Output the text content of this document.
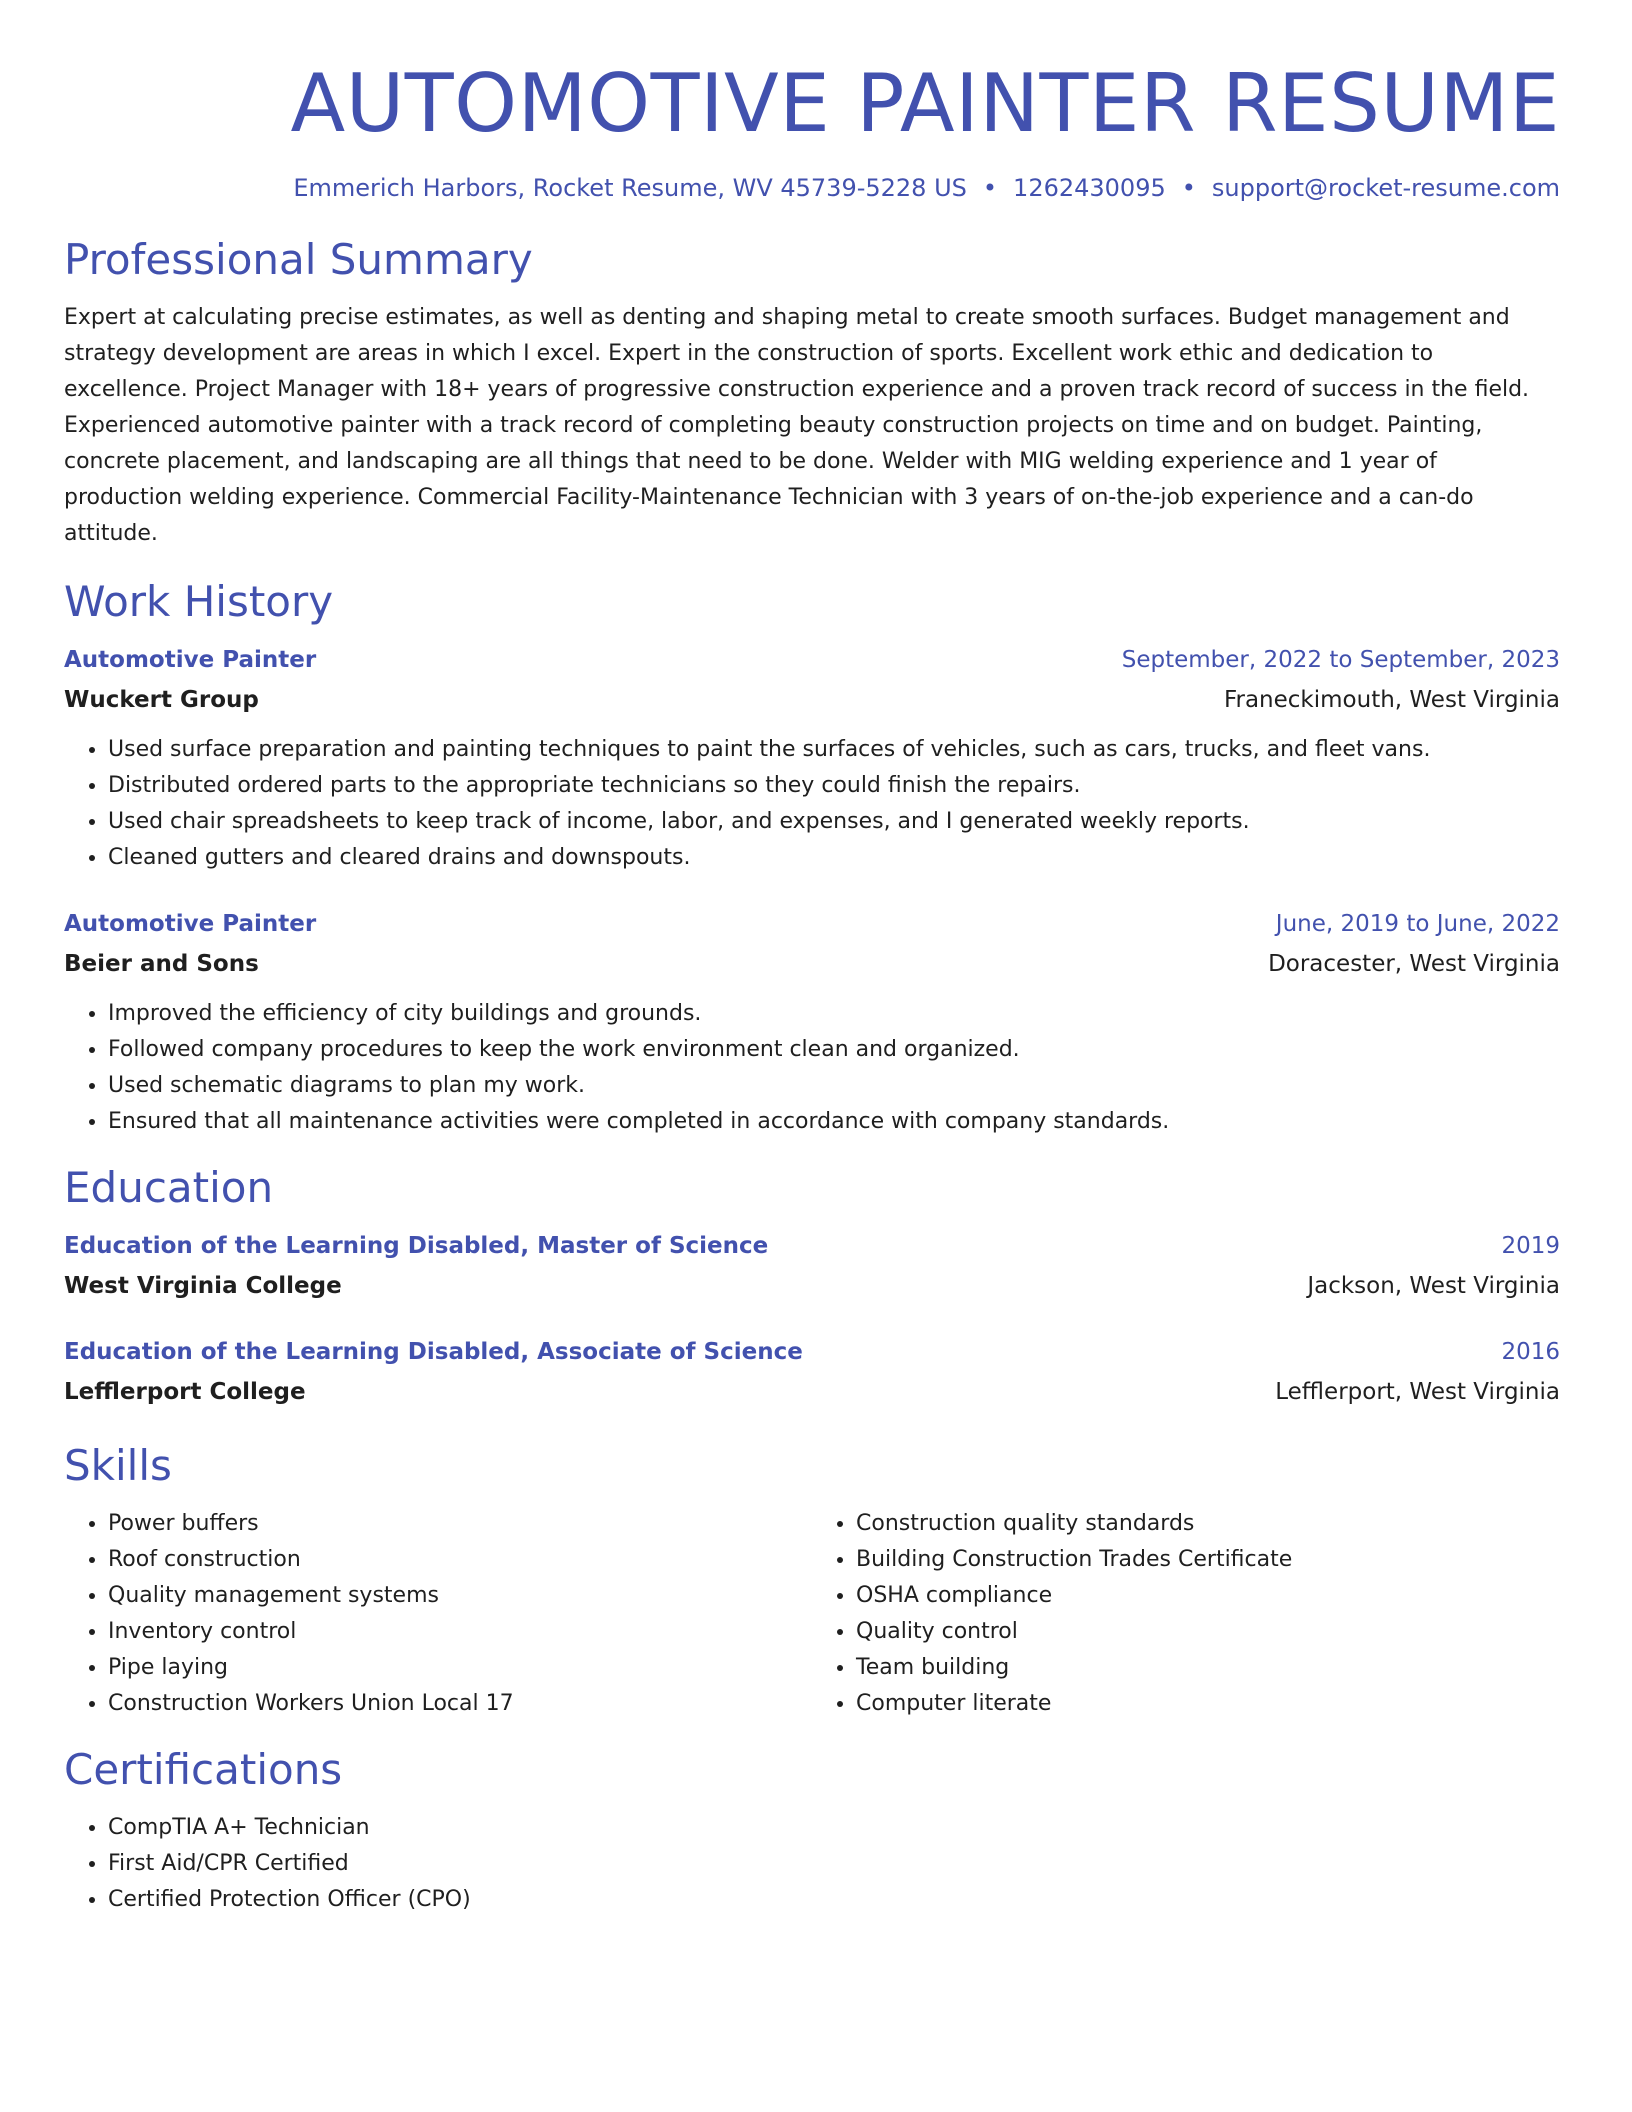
AUTOMOTIVE PAINTER RESUME
Emmerich Harbors, Rocket Resume, WV 45739-5228 US • 1262430095 • support@rocket-resume.com
Professional Summary

Expert at calculating precise estimates, as well as denting and shaping metal to create smooth surfaces. Budget management and strategy development are areas in which I excel. Expert in the construction of sports. Excellent work ethic and dedication to excellence. Project Manager with 18+ years of progressive construction experience and a proven track record of success in the field. Experienced automotive painter with a track record of completing beauty construction projects on time and on budget. Painting, concrete placement, and landscaping are all things that need to be done. Welder with MIG welding experience and 1 year of production welding experience. Commercial Facility-Maintenance Technician with 3 years of on-the-job experience and a can-do attitude.

Work History
Automotive Painter	September, 2022 to September, 2023
Wuckert Group	Franeckimouth, West Virginia
• Used surface preparation and painting techniques to paint the surfaces of vehicles, such as cars, trucks, and fleet vans.
• Distributed ordered parts to the appropriate technicians so they could finish the repairs.
• Used chair spreadsheets to keep track of income, labor, and expenses, and I generated weekly reports.
• Cleaned gutters and cleared drains and downspouts.
Automotive Painter	June, 2019 to June, 2022
Beier and Sons	Doracester, West Virginia
• Improved the efficiency of city buildings and grounds.
• Followed company procedures to keep the work environment clean and organized.
• Used schematic diagrams to plan my work.
• Ensured that all maintenance activities were completed in accordance with company standards.
Education
Education of the Learning Disabled, Master of Science	2019
West Virginia College	Jackson, West Virginia
Education of the Learning Disabled, Associate of Science	2016
Lefflerport College	Lefflerport, West Virginia
Skills
• Power buffers
• Roof construction
• Quality management systems
• Inventory control
• Pipe laying
• Construction Workers Union Local 17
• Construction quality standards
• Building Construction Trades Certificate
• OSHA compliance
• Quality control
• Team building
• Computer literate
Certifications
• CompTIA A+ Technician
• First Aid/CPR Certified
• Certified Protection Officer (CPO)
